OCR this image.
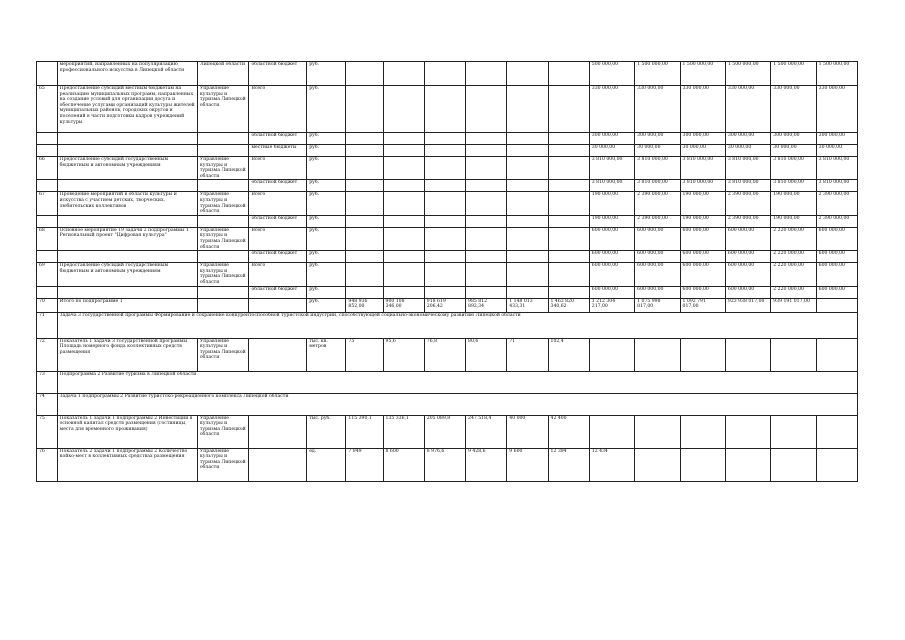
	мероприятий, направленных на популяризацию профессионального искусства в Липецкой области	Липецкой области	областной бюджет	руб.							500 000,00	1 500 000,00	1 500 000,00	1 500 000,00	1 500 000,00	1 500 000,00
65	Предоставление субсидий местным бюджетам на реализацию муниципальных программ, направленных на создание условий для организации досуга и обеспечение услугами организаций культуры жителей муниципальных районов, городских округов и поселений в части подготовки кадров учреждений культуры	Управление культуры и туризма Липецкой области	Всего	руб.							330 000,00	330 000,00	330 000,00	330 000,00	330 000,00	330 000,00
			областной бюджет	руб.							300 000,00	300 000,00	300 000,00	300 000,00	300 000,00	300 000,00
			местные бюджеты	руб.							30 000,00	30 000,00	30 000,00	30 000,00	30 000,00	30 000,00
66	Предоставление субсидий государственным бюджетным и автономным учреждениям	Управление культуры и туризма Липецкой области	Всего	руб.							3 810 000,00	3 810 000,00	3 810 000,00	3 810 000,00	3 810 000,00	3 810 000,00
			областной бюджет	руб.							3 810 000,00	3 810 000,00	3 810 000,00	3 810 000,00	3 810 000,00	3 810 000,00
67	Проведение мероприятий в области культуры и искусства с участием детских, творческих, любительских коллективов	Управление культуры и туризма Липецкой области	Всего	руб.							190 000,00	2 390 000,00	190 000,00	2 390 000,00	190 000,00	2 390 000,00
			областной бюджет	руб.							190 000,00	2 390 000,00	190 000,00	2 390 000,00	190 000,00	2 390 000,00
68	Основное мероприятие 19 задачи 2 подпрограммы 1 Региональный проект "Цифровая культура"	Управление культуры и туризма Липецкой области	Всего	руб.							600 000,00	600 000,00	600 000,00	600 000,00	2 220 000,00	600 000,00
			областной бюджет	руб.							600 000,00	600 000,00	600 000,00	600 000,00	2 220 000,00	600 000,00
69	Предоставление субсидий государственным бюджетным и автономным учреждениям	Управление культуры и туризма Липецкой области	Всего	руб.							600 000,00	600 000,00	600 000,00	600 000,00	2 220 000,00	600 000,00
			областной бюджет	руб.							600 000,00	600 000,00	600 000,00	600 000,00	2 220 000,00	600 000,00
70	Итого по подпрограмме 1			руб.	948 936 852,00	900 108 346,00	918 619 206,42	985 812 892,34	1 148 013 433,31	1 463 820 340,62	1 212 304 217,00	1 075 998 817,00	1 092 791 017,00	923 938 017,00	939 191 017,00	
71	Задача 3 государственной программы Формирование и сохранение конкурентоспособной туристской индустрии, способствующей социально-экономическому развитию Липецкой области															
72	Показатель 1 задачи 3 государственной программы Площадь номерного фонда коллективных средств размещения	Управление культуры и туризма Липецкой области		тыс. кв. метров	75	95,6	76,8	80,6	71	102,4						
73	Подпрограмма 2 Развитие туризма в Липецкой области															
74	Задача 1 подпрограммы 2 Развитие туристско-рекреационного комплекса Липецкой области															
75	Показатель 1 задачи 1 подпрограммы 2 Инвестиции в основной капитал средств размещения (гостиницы, места для временного проживания)	Управление культуры и туризма Липецкой области		тыс. руб.	115 390,1	135 336,1	205 089,8	247 518,4	40 000	42 400						
76	Показатель 2 задачи 1 подпрограммы 2 Количество койко-мест в коллективных средствах размещения	Управление культуры и туризма Липецкой области		ед.	7 949	8 600	8 976,6	9 428,6	9 600	12 394	12 434					
